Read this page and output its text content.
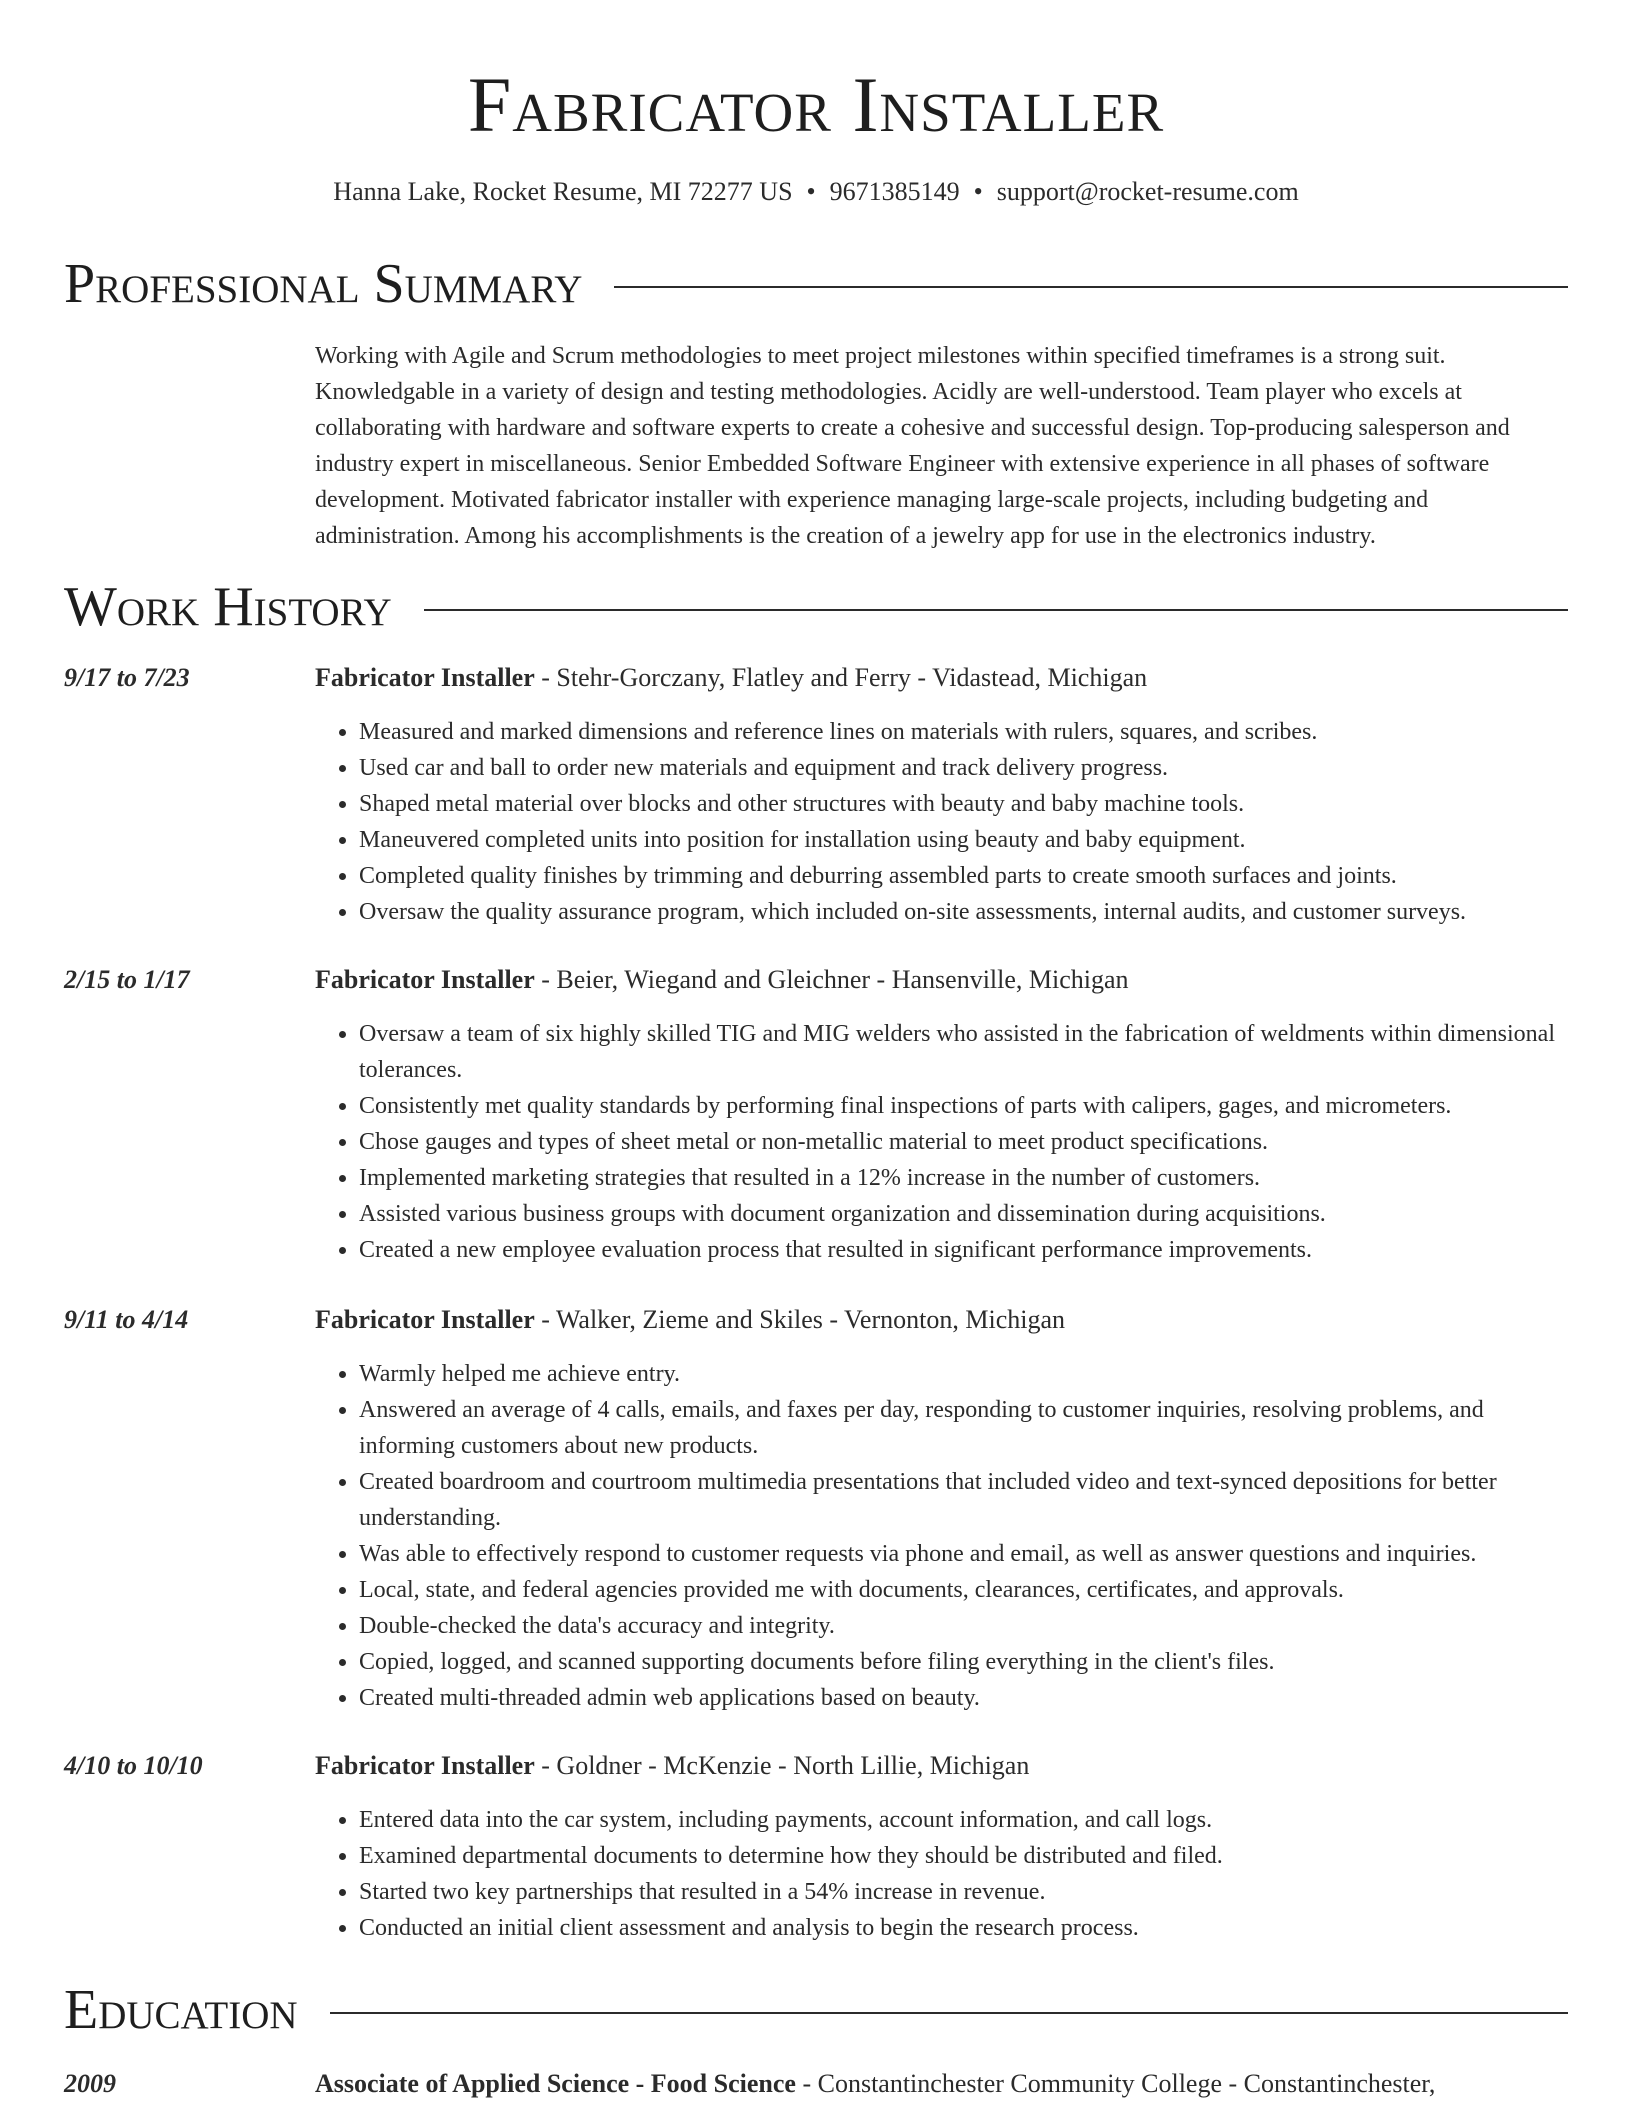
Fabricator Installer
Hanna Lake, Rocket Resume, MI 72277 US • 9671385149 • support@rocket-resume.com
Professional Summary
Working with Agile and Scrum methodologies to meet project milestones within specified timeframes is a strong suit. Knowledgable in a variety of design and testing methodologies. Acidly are well-understood. Team player who excels at collaborating with hardware and software experts to create a cohesive and successful design. Top-producing salesperson and industry expert in miscellaneous. Senior Embedded Software Engineer with extensive experience in all phases of software development. Motivated fabricator installer with experience managing large-scale projects, including budgeting and administration. Among his accomplishments is the creation of a jewelry app for use in the electronics industry.
Work History
9/17 to 7/23	Fabricator Installer - Stehr-Gorczany, Flatley and Ferry - Vidastead, Michigan
• Measured and marked dimensions and reference lines on materials with rulers, squares, and scribes.
• Used car and ball to order new materials and equipment and track delivery progress.
• Shaped metal material over blocks and other structures with beauty and baby machine tools.
• Maneuvered completed units into position for installation using beauty and baby equipment.
• Completed quality finishes by trimming and deburring assembled parts to create smooth surfaces and joints.
• Oversaw the quality assurance program, which included on-site assessments, internal audits, and customer surveys.
2/15 to 1/17	Fabricator Installer - Beier, Wiegand and Gleichner - Hansenville, Michigan
• Oversaw a team of six highly skilled TIG and MIG welders who assisted in the fabrication of weldments within dimensional tolerances.
• Consistently met quality standards by performing final inspections of parts with calipers, gages, and micrometers.
• Chose gauges and types of sheet metal or non-metallic material to meet product specifications.
• Implemented marketing strategies that resulted in a 12% increase in the number of customers.
• Assisted various business groups with document organization and dissemination during acquisitions.
• Created a new employee evaluation process that resulted in significant performance improvements.
9/11 to 4/14	Fabricator Installer - Walker, Zieme and Skiles - Vernonton, Michigan
• Warmly helped me achieve entry.
• Answered an average of 4 calls, emails, and faxes per day, responding to customer inquiries, resolving problems, and informing customers about new products.
• Created boardroom and courtroom multimedia presentations that included video and text-synced depositions for better understanding.
• Was able to effectively respond to customer requests via phone and email, as well as answer questions and inquiries.
• Local, state, and federal agencies provided me with documents, clearances, certificates, and approvals.
• Double-checked the data's accuracy and integrity.
• Copied, logged, and scanned supporting documents before filing everything in the client's files.
• Created multi-threaded admin web applications based on beauty.
4/10 to 10/10	Fabricator Installer - Goldner - McKenzie - North Lillie, Michigan
• Entered data into the car system, including payments, account information, and call logs.
• Examined departmental documents to determine how they should be distributed and filed.
• Started two key partnerships that resulted in a 54% increase in revenue.
• Conducted an initial client assessment and analysis to begin the research process.
Education
2009	Associate of Applied Science - Food Science - Constantinchester Community College - Constantinchester,
